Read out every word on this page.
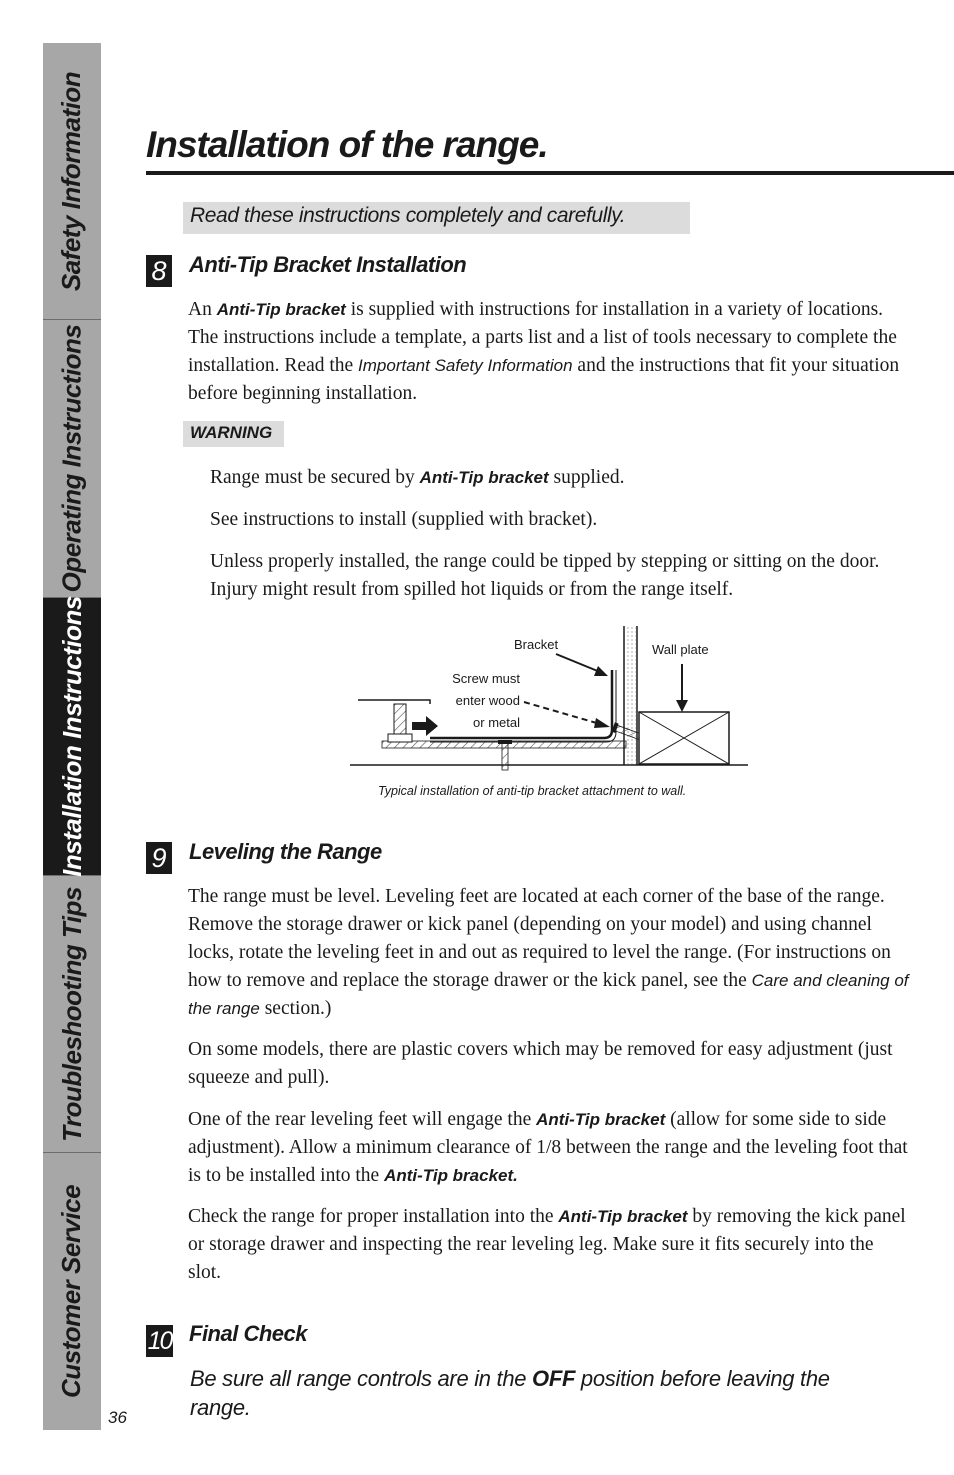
Safety Information
Operating Instructions
Installation Instructions
Troubleshooting Tips
Customer Service
Installation of the range.
Read these instructions completely and carefully.
8 Anti-Tip Bracket Installation
An Anti-Tip bracket is supplied with instructions for installation in a variety of locations. The instructions include a template, a parts list and a list of tools necessary to complete the installation. Read the Important Safety Information and the instructions that fit your situation before beginning installation.
WARNING
Range must be secured by Anti-Tip bracket supplied.
See instructions to install (supplied with bracket).
Unless properly installed, the range could be tipped by stepping or sitting on the door. Injury might result from spilled hot liquids or from the range itself.
Bracket	Wall plate
Screw must
enter wood
or metal
Typical installation of anti-tip bracket attachment to wall.
9 Leveling the Range
The range must be level. Leveling feet are located at each corner of the base of the range. Remove the storage drawer or kick panel (depending on your model) and using channel locks, rotate the leveling feet in and out as required to level the range. (For instructions on how to remove and replace the storage drawer or the kick panel, see the Care and cleaning of the range section.)
On some models, there are plastic covers which may be removed for easy adjustment (just squeeze and pull).
One of the rear leveling feet will engage the Anti-Tip bracket (allow for some side to side adjustment). Allow a minimum clearance of 1/8 between the range and the leveling foot that is to be installed into the Anti-Tip bracket.
Check the range for proper installation into the Anti-Tip bracket by removing the kick panel or storage drawer and inspecting the rear leveling leg. Make sure it fits securely into the slot.
10 Final Check
Be sure all range controls are in the OFF position before leaving the range.
36
